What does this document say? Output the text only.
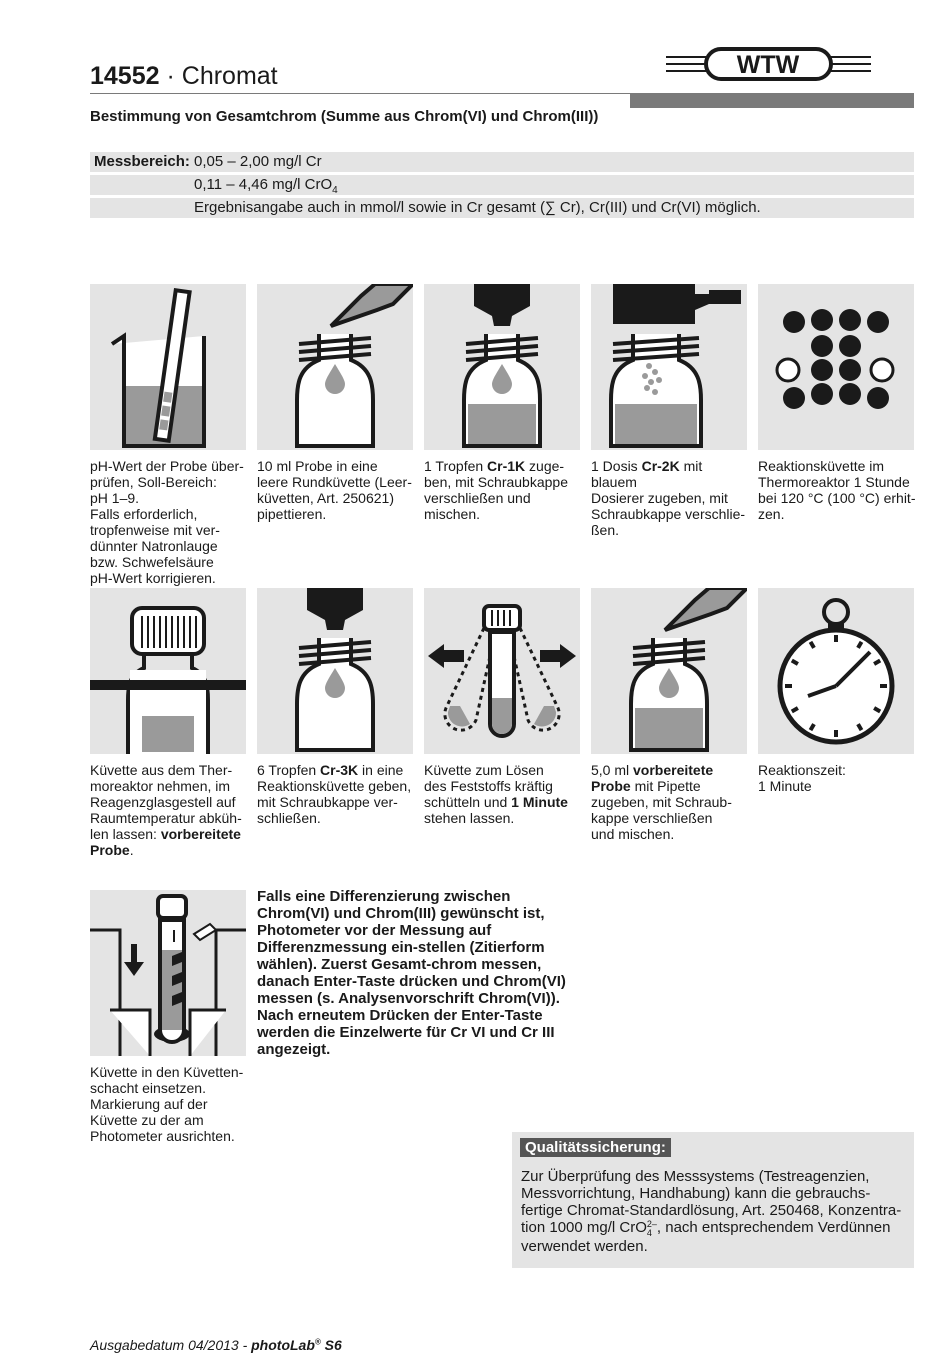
14552 · Chromat	WTW
Bestimmung von Gesamtchrom (Summe aus Chrom(VI) und Chrom(III))
Messbereich: 0,05 – 2,00 mg/l Cr
0,11 – 4,46 mg/l CrO$_4$
Ergebnisangabe auch in mmol/l sowie in Cr gesamt (∑ Cr), Cr(III) und Cr(VI) möglich.
pH-Wert der Probe über-
prüfen, Soll-Bereich:
pH 1–9.
Falls erforderlich,
tropfenweise mit ver-
dünnter Natronlauge
bzw. Schwefelsäure
pH-Wert korrigieren.
10 ml Probe in eine
leere Rundküvette (Leer-
küvetten, Art. 250621)
pipettieren.
1 Tropfen Cr-1K zuge-
ben, mit Schraubkappe
verschließen und
mischen.
1 Dosis Cr-2K mit blauem
Dosierer zugeben, mit
Schraubkappe verschlie-
ßen.
Reaktionsküvette im
Thermoreaktor 1 Stunde
bei 120 °C (100 °C) erhit-
zen.
Küvette aus dem Ther-
moreaktor nehmen, im
Reagenzglasgestell auf
Raumtemperatur abküh-
len lassen: vorbereitete
Probe.
6 Tropfen Cr-3K in eine
Reaktionsküvette geben,
mit Schraubkappe ver-
schließen.
Küvette zum Lösen
des Feststoffs kräftig
schütteln und 1 Minute
stehen lassen.
5,0 ml vorbereitete
Probe mit Pipette
zugeben, mit Schraub-
kappe verschließen
und mischen.
Reaktionszeit:
1 Minute
Küvette in den Küvetten-
schacht einsetzen.
Markierung auf der
Küvette zu der am
Photometer ausrichten.
Falls eine Differenzierung zwischen Chrom(VI) und Chrom(III) gewünscht ist, Photometer vor der Messung auf Differenzmessung ein-stellen (Zitierform wählen). Zuerst Gesamt-chrom messen, danach Enter-Taste drücken und Chrom(VI) messen (s. Analysenvorschrift Chrom(VI)). Nach erneutem Drücken der Enter-Taste werden die Einzelwerte für Cr VI und Cr III angezeigt.
Qualitätssicherung:
Zur Überprüfung des Messsystems (Testreagenzien, Messvorrichtung, Handhabung) kann die gebrauchs-fertige Chromat-Standardlösung, Art. 250468, Konzentra-tion 1000 mg/l CrO 2–
4 , nach entsprechendem Verdünnen verwendet werden.
Ausgabedatum 04/2013 - photoLab® S6
